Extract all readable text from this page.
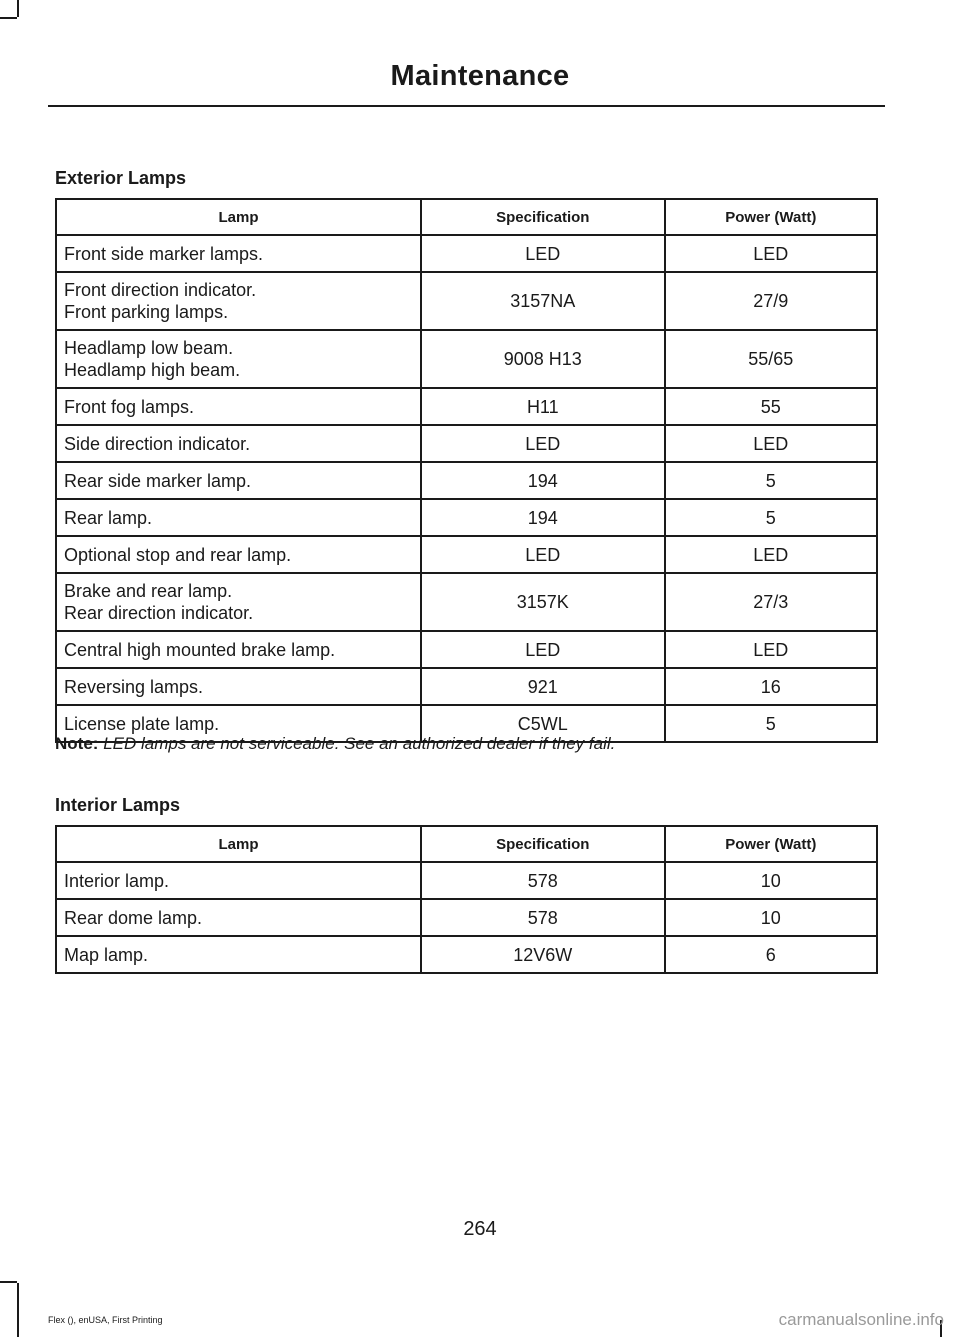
Maintenance
Exterior Lamps
Lamp	Specification	Power (Watt)

Front side marker lamps.	LED	LED

Front direction indicator.
Front parking lamps.	3157NA	27/9

Headlamp low beam.
Headlamp high beam.	9008 H13	55/65

Front fog lamps.	H11	55

Side direction indicator.	LED	LED

Rear side marker lamp.	194	5

Rear lamp.	194	5

Optional stop and rear lamp.	LED	LED

Brake and rear lamp.
Rear direction indicator.	3157K	27/3

Central high mounted brake lamp.	LED	LED

Reversing lamps.	921	16

License plate lamp.	C5WL	5
Note: LED lamps are not serviceable. See an authorized dealer if they fail.
Interior Lamps
Lamp	Specification	Power (Watt)

Interior lamp.	578	10

Rear dome lamp.	578	10

Map lamp.	12V6W	6
264
Flex (), enUSA, First Printing	carmanualsonline.info
